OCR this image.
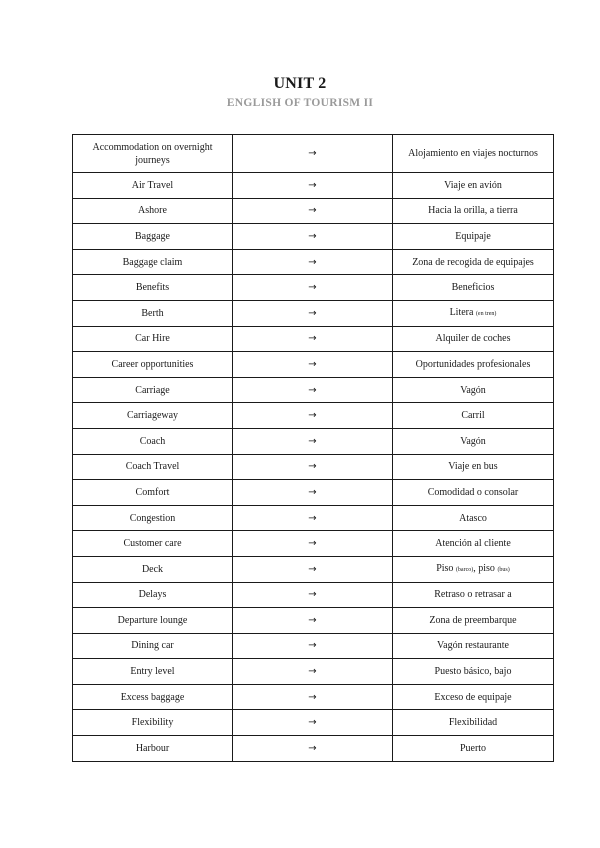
UNIT 2
ENGLISH OF TOURISM II
Accommodation on overnight journeys	→	Alojamiento en viajes nocturnos
Air Travel	→	Viaje en avión
Ashore	→	Hacia la orilla, a tierra
Baggage	→	Equipaje
Baggage claim	→	Zona de recogida de equipajes
Benefits	→	Beneficios
Berth	→	Litera (en tren)
Car Hire	→	Alquiler de coches
Career opportunities	→	Oportunidades profesionales
Carriage	→	Vagón
Carriageway	→	Carril
Coach	→	Vagón
Coach Travel	→	Viaje en bus
Comfort	→	Comodidad o consolar
Congestion	→	Atasco
Customer care	→	Atención al cliente
Deck	→	Piso (barco), piso (bus)
Delays	→	Retraso o retrasar a
Departure lounge	→	Zona de preembarque
Dining car	→	Vagón restaurante
Entry level	→	Puesto básico, bajo
Excess baggage	→	Exceso de equipaje
Flexibility	→	Flexibilidad
Harbour	→	Puerto
